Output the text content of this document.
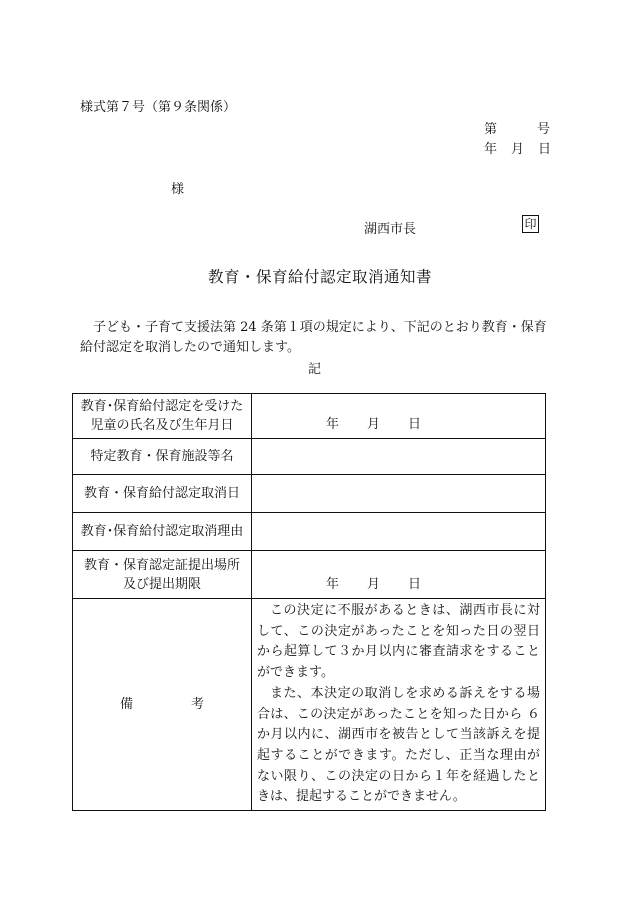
様式第７号（第９条関係）
第	号
年 月 日
様
湖西市長	印
教育・保育給付認定取消通知書
子ども・子育て支援法第 24 条第１項の規定により、下記のとおり教育・保育
給付認定を取消したので通知します。
記
教育･保育給付認定を受けた
児童の氏名及び生年月日	年 月 日

特定教育・保育施設等名	
教育・保育給付認定取消日	
教育･保育給付認定取消理由	

教育・保育認定証提出場所
及び提出期限	年 月 日

備 考	この決定に不服があるときは、湖西市長に対して、この決定があったことを知った日の翌日から起算して３か月以内に審査請求をすることができます。

また、本決定の取消しを求める訴えをする場合は、この決定があったことを知った日から ６か月以内に、湖西市を被告として当該訴えを提起することができます。ただし、正当な理由がない限り、この決定の日から１年を経過したときは、提起することができません。
